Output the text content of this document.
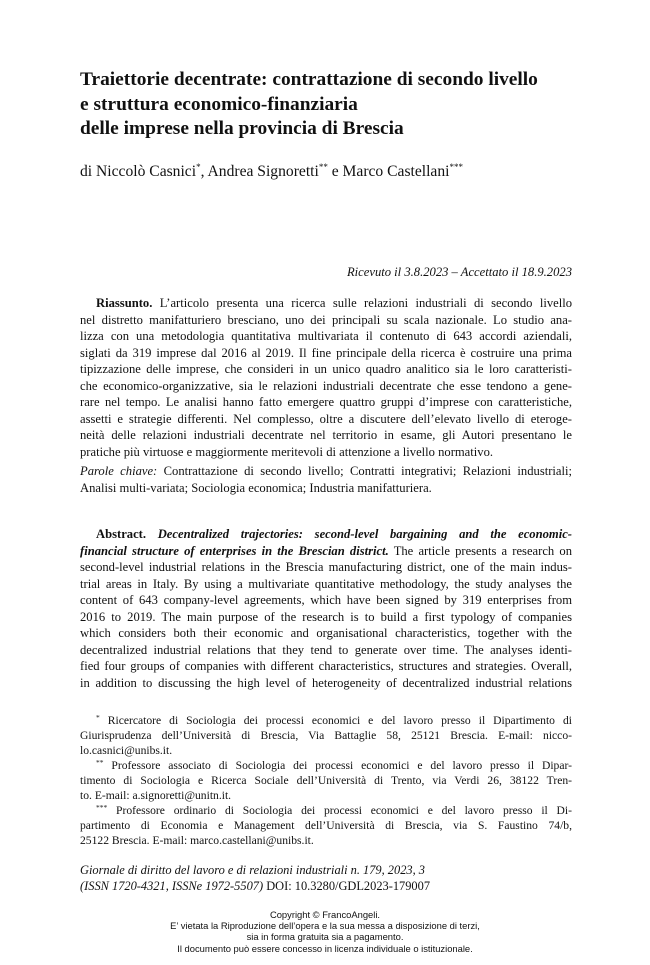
Traiettorie decentrate: contrattazione di secondo livello
e struttura economico-finanziaria
delle imprese nella provincia di Brescia
di Niccolò Casnici*, Andrea Signoretti** e Marco Castellani***
Ricevuto il 3.8.2023 – Accettato il 18.9.2023
Riassunto. L’articolo presenta una ricerca sulle relazioni industriali di secondo livello
nel distretto manifatturiero bresciano, uno dei principali su scala nazionale. Lo studio ana-
lizza con una metodologia quantitativa multivariata il contenuto di 643 accordi aziendali,
siglati da 319 imprese dal 2016 al 2019. Il fine principale della ricerca è costruire una prima
tipizzazione delle imprese, che consideri in un unico quadro analitico sia le loro caratteristi-
che economico-organizzative, sia le relazioni industriali decentrate che esse tendono a gene-
rare nel tempo. Le analisi hanno fatto emergere quattro gruppi d’imprese con caratteristiche,
assetti e strategie differenti. Nel complesso, oltre a discutere dell’elevato livello di eteroge-
neità delle relazioni industriali decentrate nel territorio in esame, gli Autori presentano le
pratiche più virtuose e maggiormente meritevoli di attenzione a livello normativo.
Parole chiave: Contrattazione di secondo livello; Contratti integrativi; Relazioni industriali;
Analisi multi-variata; Sociologia economica; Industria manifatturiera.
Abstract. Decentralized trajectories: second-level bargaining and the economic-
financial structure of enterprises in the Brescian district. The article presents a research on
second-level industrial relations in the Brescia manufacturing district, one of the main indus-
trial areas in Italy. By using a multivariate quantitative methodology, the study analyses the
content of 643 company-level agreements, which have been signed by 319 enterprises from
2016 to 2019. The main purpose of the research is to build a first typology of companies
which considers both their economic and organisational characteristics, together with the
decentralized industrial relations that they tend to generate over time. The analyses identi-
fied four groups of companies with different characteristics, structures and strategies. Overall,
in addition to discussing the high level of heterogeneity of decentralized industrial relations
* Ricercatore di Sociologia dei processi economici e del lavoro presso il Dipartimento di
Giurisprudenza dell’Università di Brescia, Via Battaglie 58, 25121 Brescia. E-mail: nicco-
lo.casnici@unibs.it.
** Professore associato di Sociologia dei processi economici e del lavoro presso il Dipar-
timento di Sociologia e Ricerca Sociale dell’Università di Trento, via Verdi 26, 38122 Tren-
to. E-mail: a.signoretti@unitn.it.
*** Professore ordinario di Sociologia dei processi economici e del lavoro presso il Di-
partimento di Economia e Management dell’Università di Brescia, via S. Faustino 74/b,
25122 Brescia. E-mail: marco.castellani@unibs.it.
Giornale di diritto del lavoro e di relazioni industriali n. 179, 2023, 3
(ISSN 1720-4321, ISSNe 1972-5507) DOI: 10.3280/GDL2023-179007
Copyright © FrancoAngeli.
E’ vietata la Riproduzione dell’opera e la sua messa a disposizione di terzi,
sia in forma gratuita sia a pagamento.
Il documento può essere concesso in licenza individuale o istituzionale.
